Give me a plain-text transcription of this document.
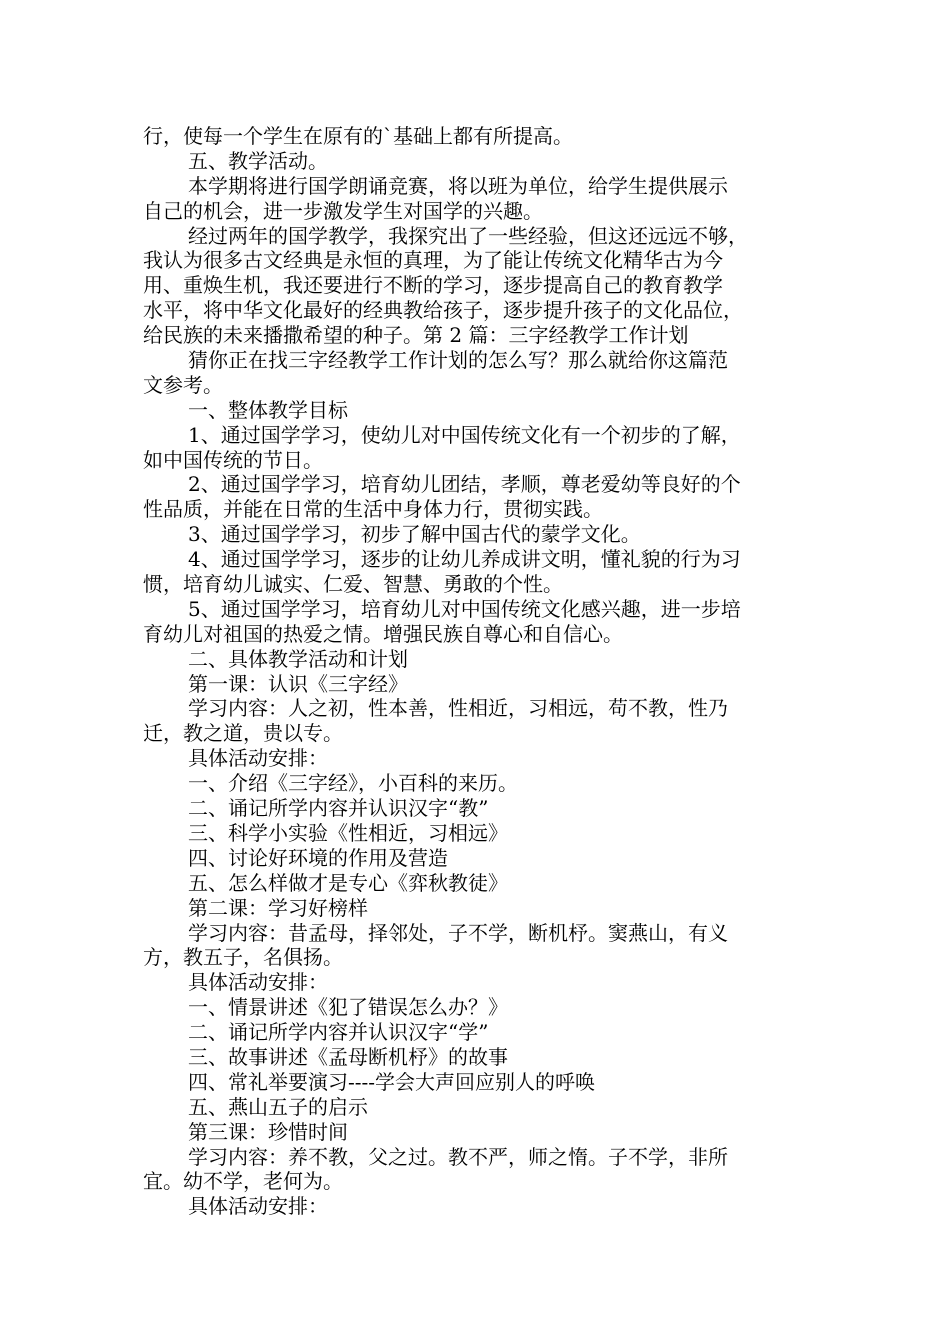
行，使每一个学生在原有的`基础上都有所提高。
五、教学活动。
本学期将进行国学朗诵竞赛，将以班为单位，给学生提供展示
自己的机会，进一步激发学生对国学的兴趣。
经过两年的国学教学，我探究出了一些经验，但这还远远不够，
我认为很多古文经典是永恒的真理，为了能让传统文化精华古为今
用、重焕生机，我还要进行不断的学习，逐步提高自己的教育教学
水平，将中华文化最好的经典教给孩子，逐步提升孩子的文化品位，
给民族的未来播撒希望的种子。第 2 篇：三字经教学工作计划
猜你正在找三字经教学工作计划的怎么写？那么就给你这篇范
文参考。
一、整体教学目标
1、通过国学学习，使幼儿对中国传统文化有一个初步的了解，
如中国传统的节日。
2、通过国学学习，培育幼儿团结，孝顺，尊老爱幼等良好的个
性品质，并能在日常的生活中身体力行，贯彻实践。
3、通过国学学习，初步了解中国古代的蒙学文化。
4、通过国学学习，逐步的让幼儿养成讲文明，懂礼貌的行为习
惯，培育幼儿诚实、仁爱、智慧、勇敢的个性。
5、通过国学学习，培育幼儿对中国传统文化感兴趣，进一步培
育幼儿对祖国的热爱之情。增强民族自尊心和自信心。
二、具体教学活动和计划
第一课：认识《三字经》
学习内容：人之初，性本善，性相近，习相远，苟不教，性乃
迁，教之道，贵以专。
具体活动安排：
一、介绍《三字经》，小百科的来历。
二、诵记所学内容并认识汉字“教”
三、科学小实验《性相近，习相远》
四、讨论好环境的作用及营造
五、怎么样做才是专心《弈秋教徒》
第二课：学习好榜样
学习内容：昔孟母，择邻处，子不学，断机杼。窦燕山，有义
方，教五子，名俱扬。
具体活动安排：
一、情景讲述《犯了错误怎么办？》
二、诵记所学内容并认识汉字“学”
三、故事讲述《孟母断机杼》的故事
四、常礼举要演习----学会大声回应别人的呼唤
五、燕山五子的启示
第三课：珍惜时间
学习内容：养不教，父之过。教不严，师之惰。子不学，非所
宜。幼不学，老何为。
具体活动安排：
